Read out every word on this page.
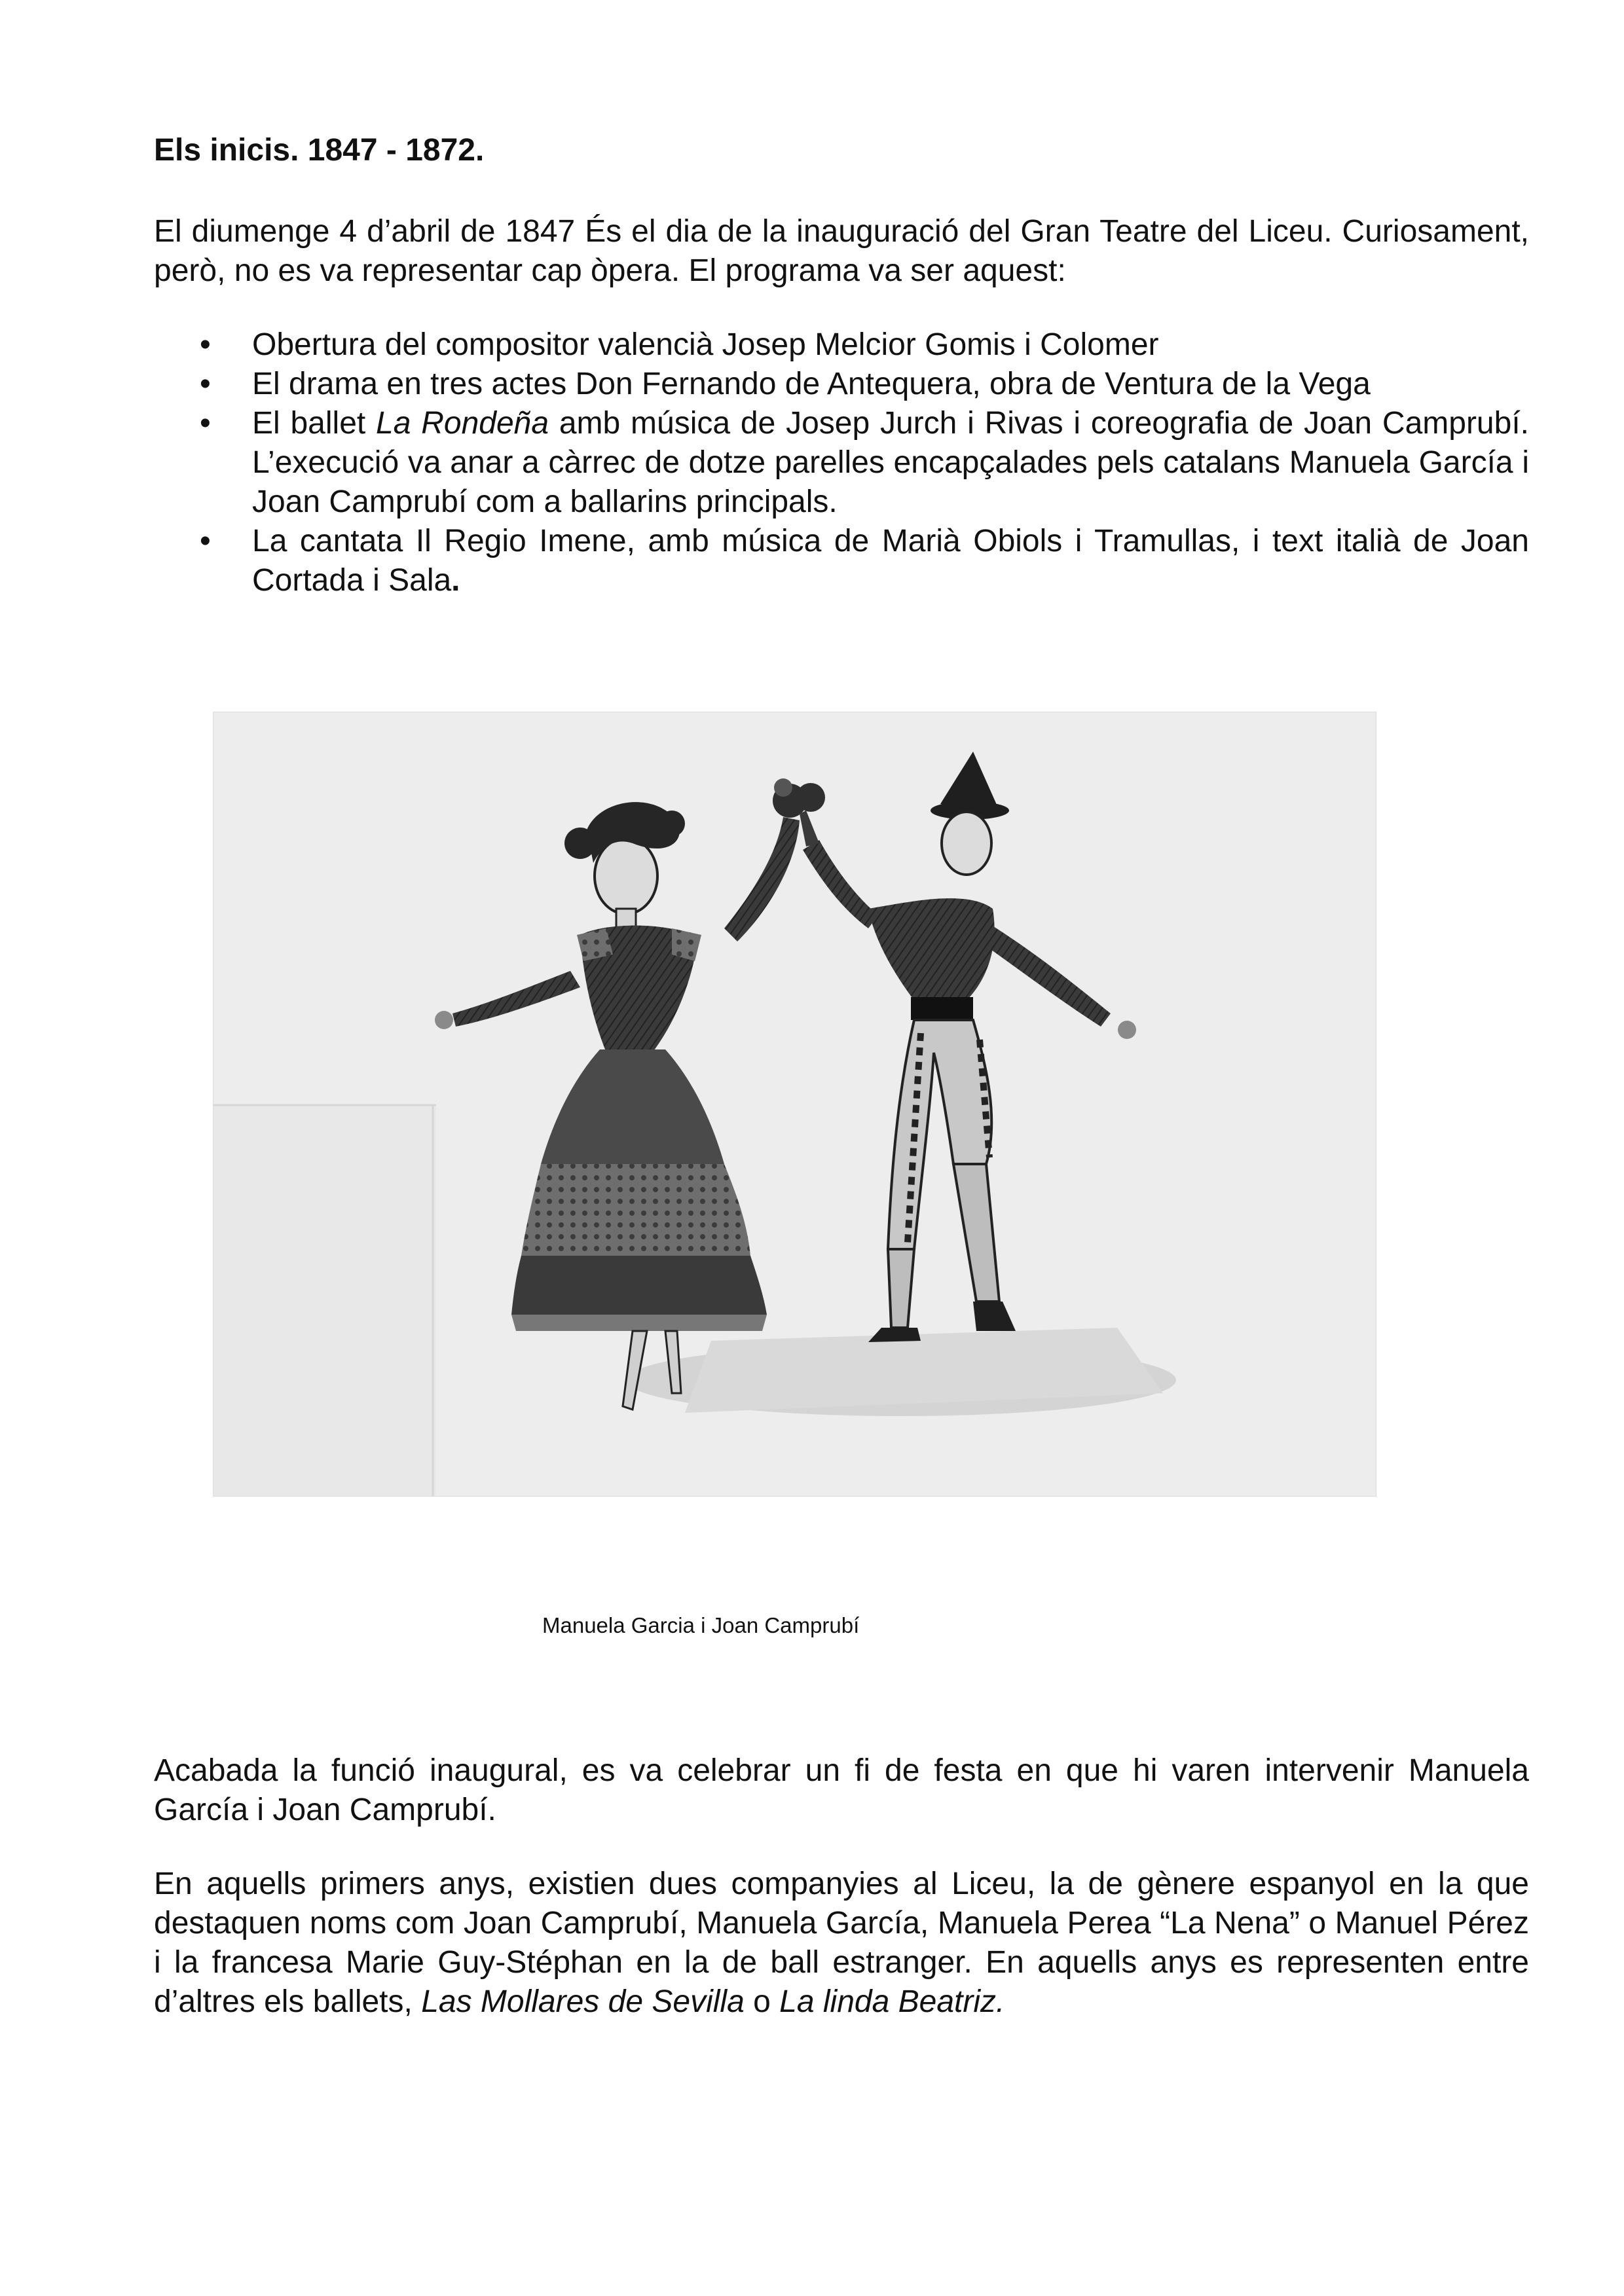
Els inicis. 1847 - 1872.
El diumenge 4 d’abril de 1847 És el dia de la inauguració del Gran Teatre del Liceu. Curiosament, però, no es va representar cap òpera. El programa va ser aquest:
• Obertura del compositor valencià Josep Melcior Gomis i Colomer
• El drama en tres actes Don Fernando de Antequera, obra de Ventura de la Vega
• El ballet La Rondeña amb música de Josep Jurch i Rivas i coreografia de Joan Camprubí. L’execució va anar a càrrec de dotze parelles encapçalades pels catalans Manuela García i Joan Camprubí com a ballarins principals.
• La cantata Il Regio Imene, amb música de Marià Obiols i Tramullas, i text italià de Joan Cortada i Sala.
Manuela Garcia i Joan Camprubí
Acabada la funció inaugural, es va celebrar un fi de festa en que hi varen intervenir Manuela García i Joan Camprubí.
En aquells primers anys, existien dues companyies al Liceu, la de gènere espanyol en la que destaquen noms com Joan Camprubí, Manuela García, Manuela Perea “La Nena” o Manuel Pérez i la francesa Marie Guy-Stéphan en la de ball estranger. En aquells anys es representen entre d’altres els ballets, Las Mollares de Sevilla o La linda Beatriz.
